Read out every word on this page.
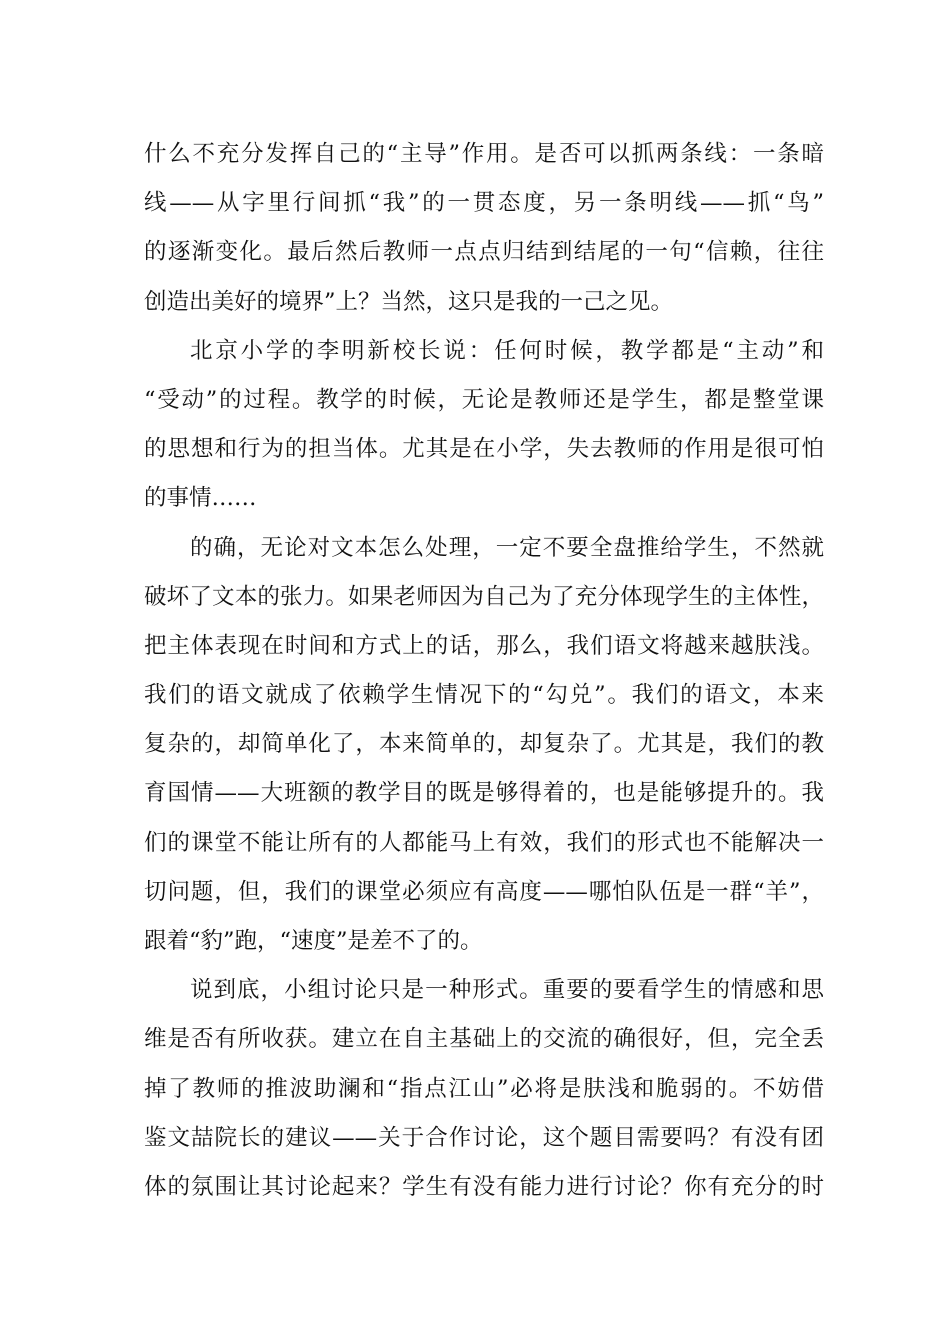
什么不充分发挥自己的“主导”作用。是否可以抓两条线：一条暗
线——从字里行间抓“我”的一贯态度，另一条明线——抓“鸟”
的逐渐变化。最后然后教师一点点归结到结尾的一句“信赖，往往
创造出美好的境界”上？当然，这只是我的一己之见。
北京小学的李明新校长说：任何时候，教学都是“主动”和
“受动”的过程。教学的时候，无论是教师还是学生，都是整堂课
的思想和行为的担当体。尤其是在小学，失去教师的作用是很可怕
的事情……
的确，无论对文本怎么处理，一定不要全盘推给学生，不然就
破坏了文本的张力。如果老师因为自己为了充分体现学生的主体性，
把主体表现在时间和方式上的话，那么，我们语文将越来越肤浅。
我们的语文就成了依赖学生情况下的“勾兑”。我们的语文，本来
复杂的，却简单化了，本来简单的，却复杂了。尤其是，我们的教
育国情——大班额的教学目的既是够得着的，也是能够提升的。我
们的课堂不能让所有的人都能马上有效，我们的形式也不能解决一
切问题，但，我们的课堂必须应有高度——哪怕队伍是一群“羊”，
跟着“豹”跑，“速度”是差不了的。
说到底，小组讨论只是一种形式。重要的要看学生的情感和思
维是否有所收获。建立在自主基础上的交流的确很好，但，完全丢
掉了教师的推波助澜和“指点江山”必将是肤浅和脆弱的。不妨借
鉴文喆院长的建议——关于合作讨论，这个题目需要吗？有没有团
体的氛围让其讨论起来？学生有没有能力进行讨论？你有充分的时
